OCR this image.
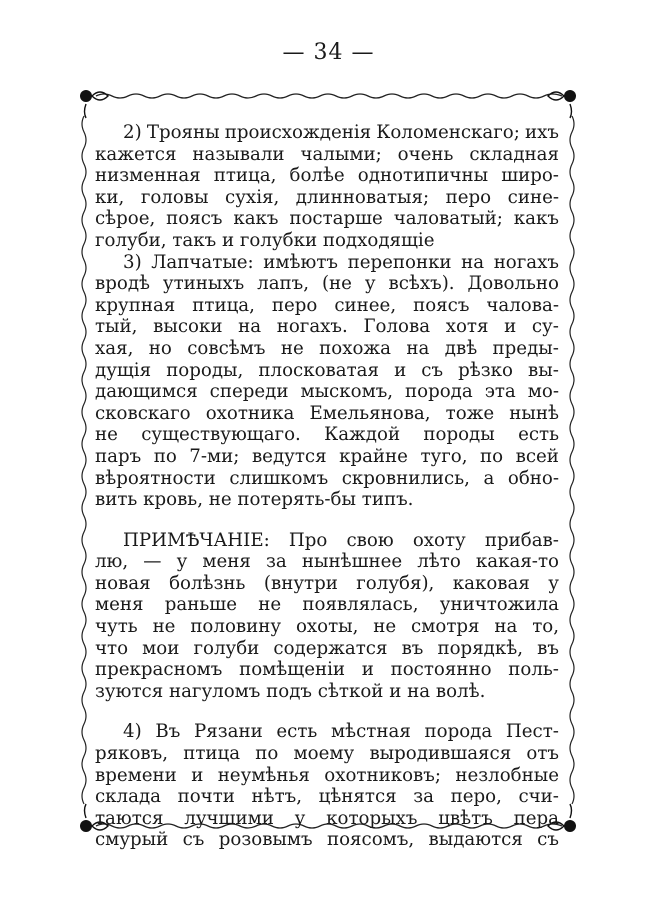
— 34 —
2) Трояны происхожденія Коломенскаго; ихъ
кажется называли чалыми; очень складная
низменная птица, болѣе однотипичны широ-
ки, головы сухія, длинноватыя; перо сине-
сѣрое, поясъ какъ постарше чаловатый; какъ
голуби, такъ и голубки подходящіе
3) Лапчатые: имѣютъ перепонки на ногахъ
вродѣ утиныхъ лапъ, (не у всѣхъ). Довольно
крупная птица, перо синее, поясъ чалова-
тый, высоки на ногахъ. Голова хотя и су-
хая, но совсѣмъ не похожа на двѣ преды-
дущія породы, плосковатая и съ рѣзко вы-
дающимся спереди мыскомъ, порода эта мо-
сковскаго охотника Емельянова, тоже нынѣ
не существующаго. Каждой породы есть
паръ по 7-ми; ведутся крайне туго, по всей
вѣроятности слишкомъ скровнились, а обно-
вить кровь, не потерять-бы типъ.
ПРИМѢЧАНІЕ: Про свою охоту прибав-
лю, — у меня за нынѣшнее лѣто какая-то
новая болѣзнь (внутри голубя), каковая у
меня раньше не появлялась, уничтожила
чуть не половину охоты, не смотря на то,
что мои голуби содержатся въ порядкѣ, въ
прекрасномъ помѣщеніи и постоянно поль-
зуются нагуломъ подъ сѣткой и на волѣ.
4) Въ Рязани есть мѣстная порода Пест-
ряковъ, птица по моему выродившаяся отъ
времени и неумѣнья охотниковъ; незлобные
склада почти нѣтъ, цѣнятся за перо, счи-
таются лучшими у которыхъ цвѣтъ пера
смурый съ розовымъ поясомъ, выдаются съ
